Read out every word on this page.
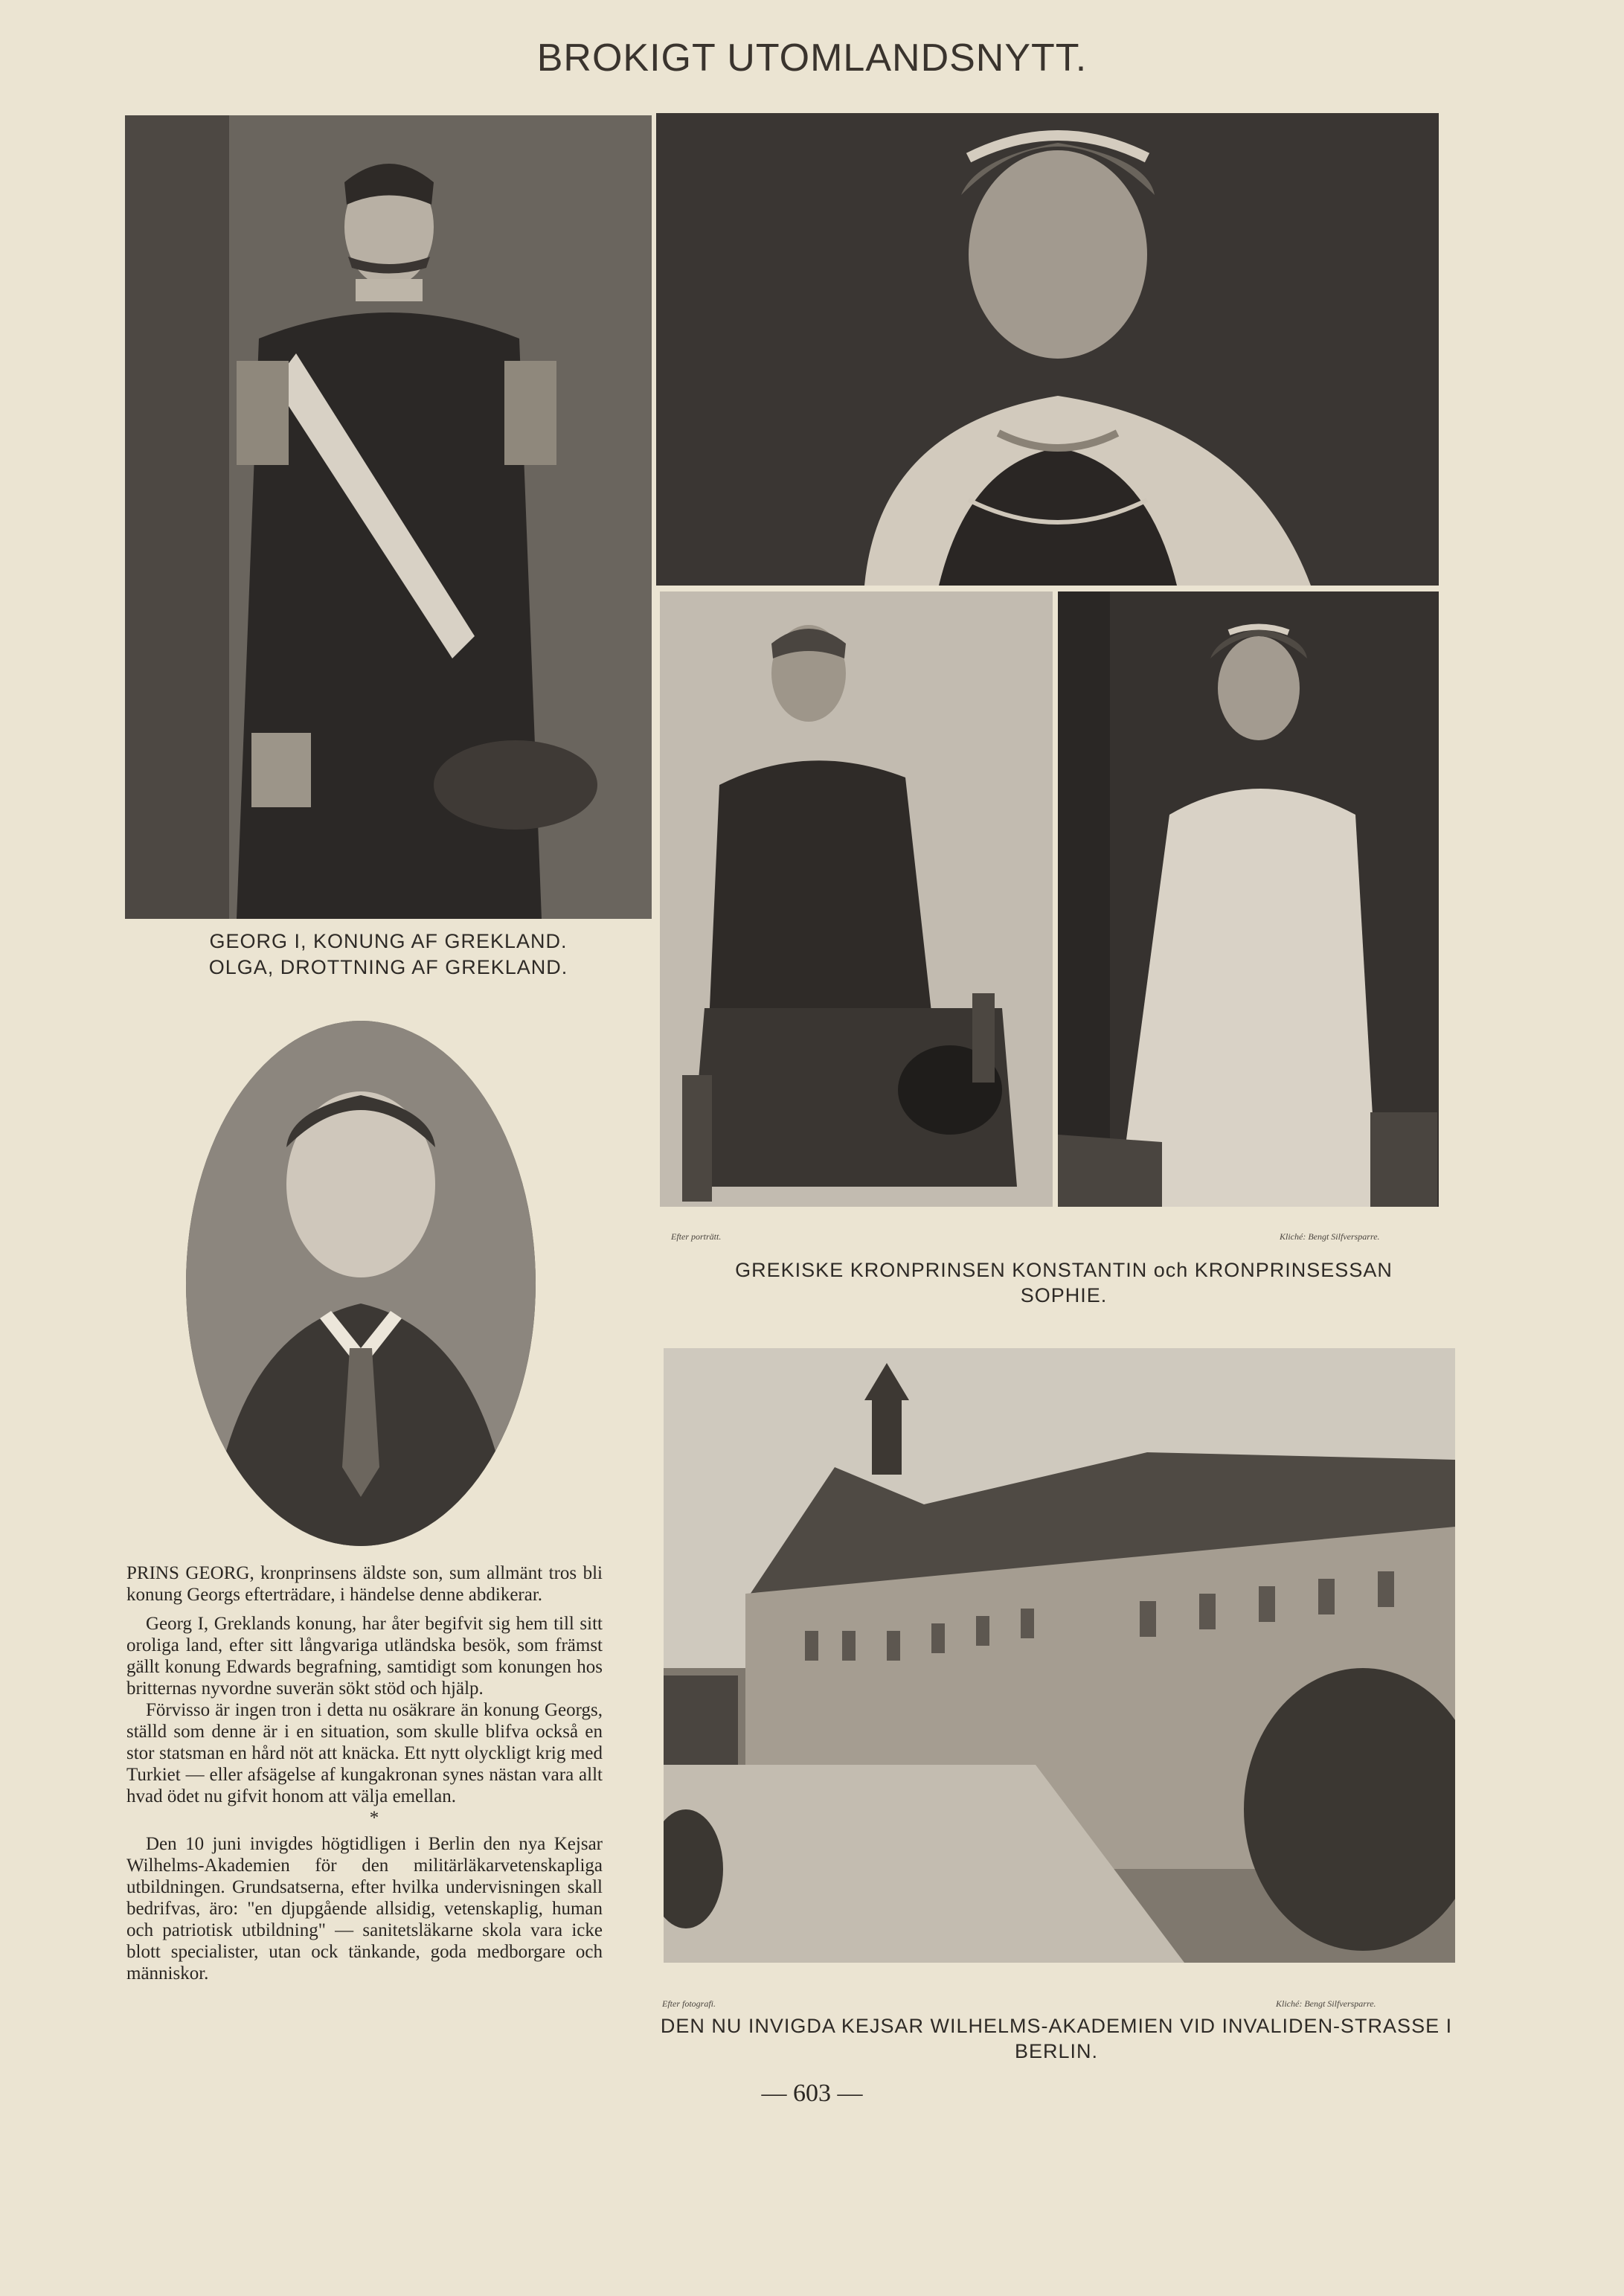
BROKIGT UTOMLANDSNYTT.
GEORG I, KONUNG AF GREKLAND.
OLGA, DROTTNING AF GREKLAND.
Efter porträtt.	Kliché: Bengt Silfversparre.
GREKISKE KRONPRINSEN KONSTANTIN och KRONPRINSESSAN SOPHIE.

PRINS GEORG, kronprinsens äldste son, sum allmänt tros bli konung Georgs efterträdare, i händelse denne abdikerar.

Georg I, Greklands konung, har åter begifvit sig hem till sitt oroliga land, efter sitt långvariga utländska besök, som främst gällt konung Edwards begrafning, samtidigt som konungen hos britternas nyvordne suverän sökt stöd och hjälp.

Förvisso är ingen tron i detta nu osäkrare än konung Georgs, ställd som denne är i en situation, som skulle blifva också en stor statsman en hård nöt att knäcka. Ett nytt olyckligt krig med Turkiet — eller afsägelse af kungakronan synes nästan vara allt hvad ödet nu gifvit honom att välja emellan.

*

Den 10 juni invigdes högtidligen i Berlin den nya Kejsar Wilhelms-Akademien för den militärläkarvetenskapliga utbildningen. Grundsatserna, efter hvilka undervisningen skall bedrifvas, äro: "en djupgående allsidig, vetenskaplig, human och patriotisk utbildning" — sanitetsläkarne skola vara icke blott specialister, utan ock tänkande, goda medborgare och människor.

Efter fotografi.	Kliché: Bengt Silfversparre.
DEN NU INVIGDA KEJSAR WILHELMS-AKADEMIEN VID INVALIDEN-STRASSE I BERLIN.
— 603 —
